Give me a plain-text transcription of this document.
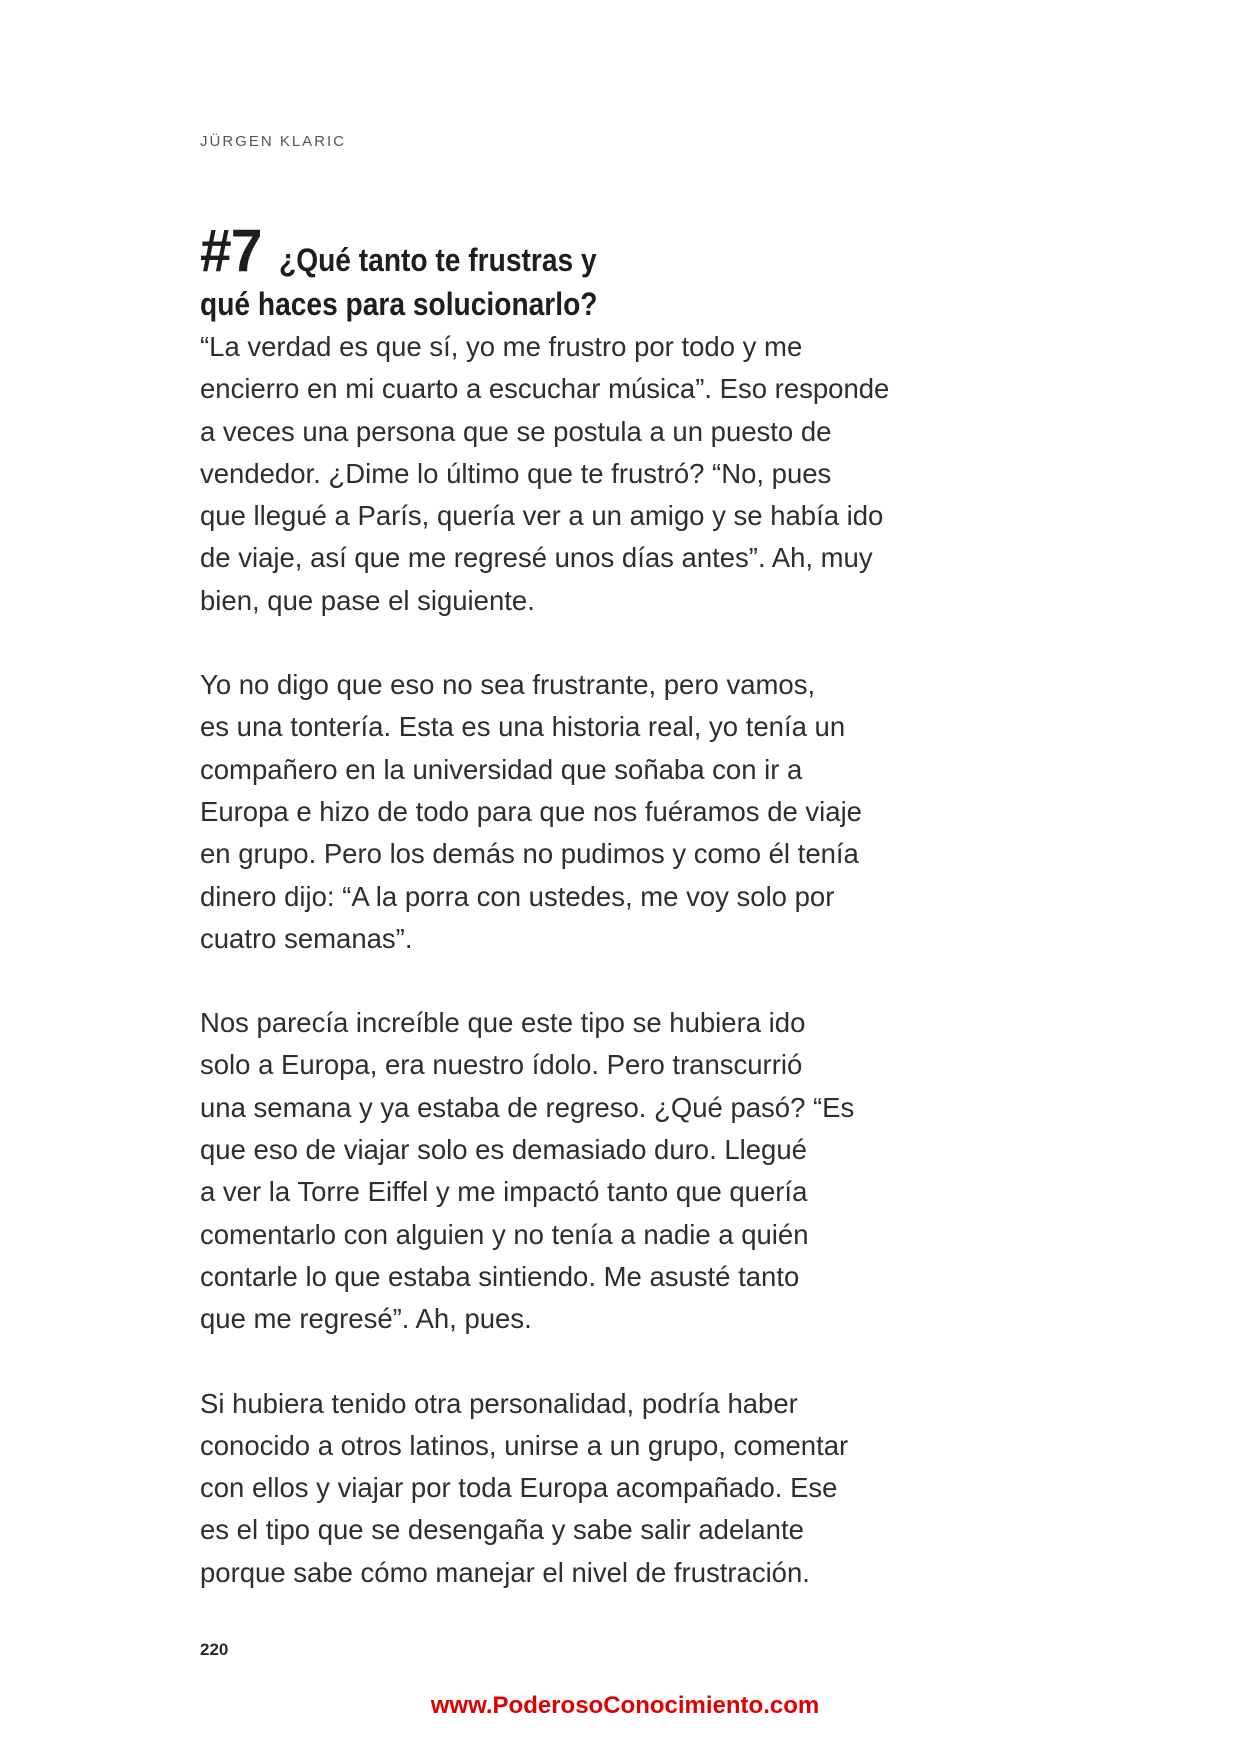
JÜRGEN KLARIC
#7 ¿Qué tanto te frustras y
qué haces para solucionarlo?

“La verdad es que sí, yo me frustro por todo y me
encierro en mi cuarto a escuchar música”. Eso responde
a veces una persona que se postula a un puesto de
vendedor. ¿Dime lo último que te frustró? “No, pues
que llegué a París, quería ver a un amigo y se había ido
de viaje, así que me regresé unos días antes”. Ah, muy
bien, que pase el siguiente.

Yo no digo que eso no sea frustrante, pero vamos,
es una tontería. Esta es una historia real, yo tenía un
compañero en la universidad que soñaba con ir a
Europa e hizo de todo para que nos fuéramos de viaje
en grupo. Pero los demás no pudimos y como él tenía
dinero dijo: “A la porra con ustedes, me voy solo por
cuatro semanas”.

Nos parecía increíble que este tipo se hubiera ido
solo a Europa, era nuestro ídolo. Pero transcurrió
una semana y ya estaba de regreso. ¿Qué pasó? “Es
que eso de viajar solo es demasiado duro. Llegué
a ver la Torre Eiffel y me impactó tanto que quería
comentarlo con alguien y no tenía a nadie a quién
contarle lo que estaba sintiendo. Me asusté tanto
que me regresé”. Ah, pues.

Si hubiera tenido otra personalidad, podría haber
conocido a otros latinos, unirse a un grupo, comentar
con ellos y viajar por toda Europa acompañado. Ese
es el tipo que se desengaña y sabe salir adelante
porque sabe cómo manejar el nivel de frustración.

220
www.PoderosoConocimiento.com
